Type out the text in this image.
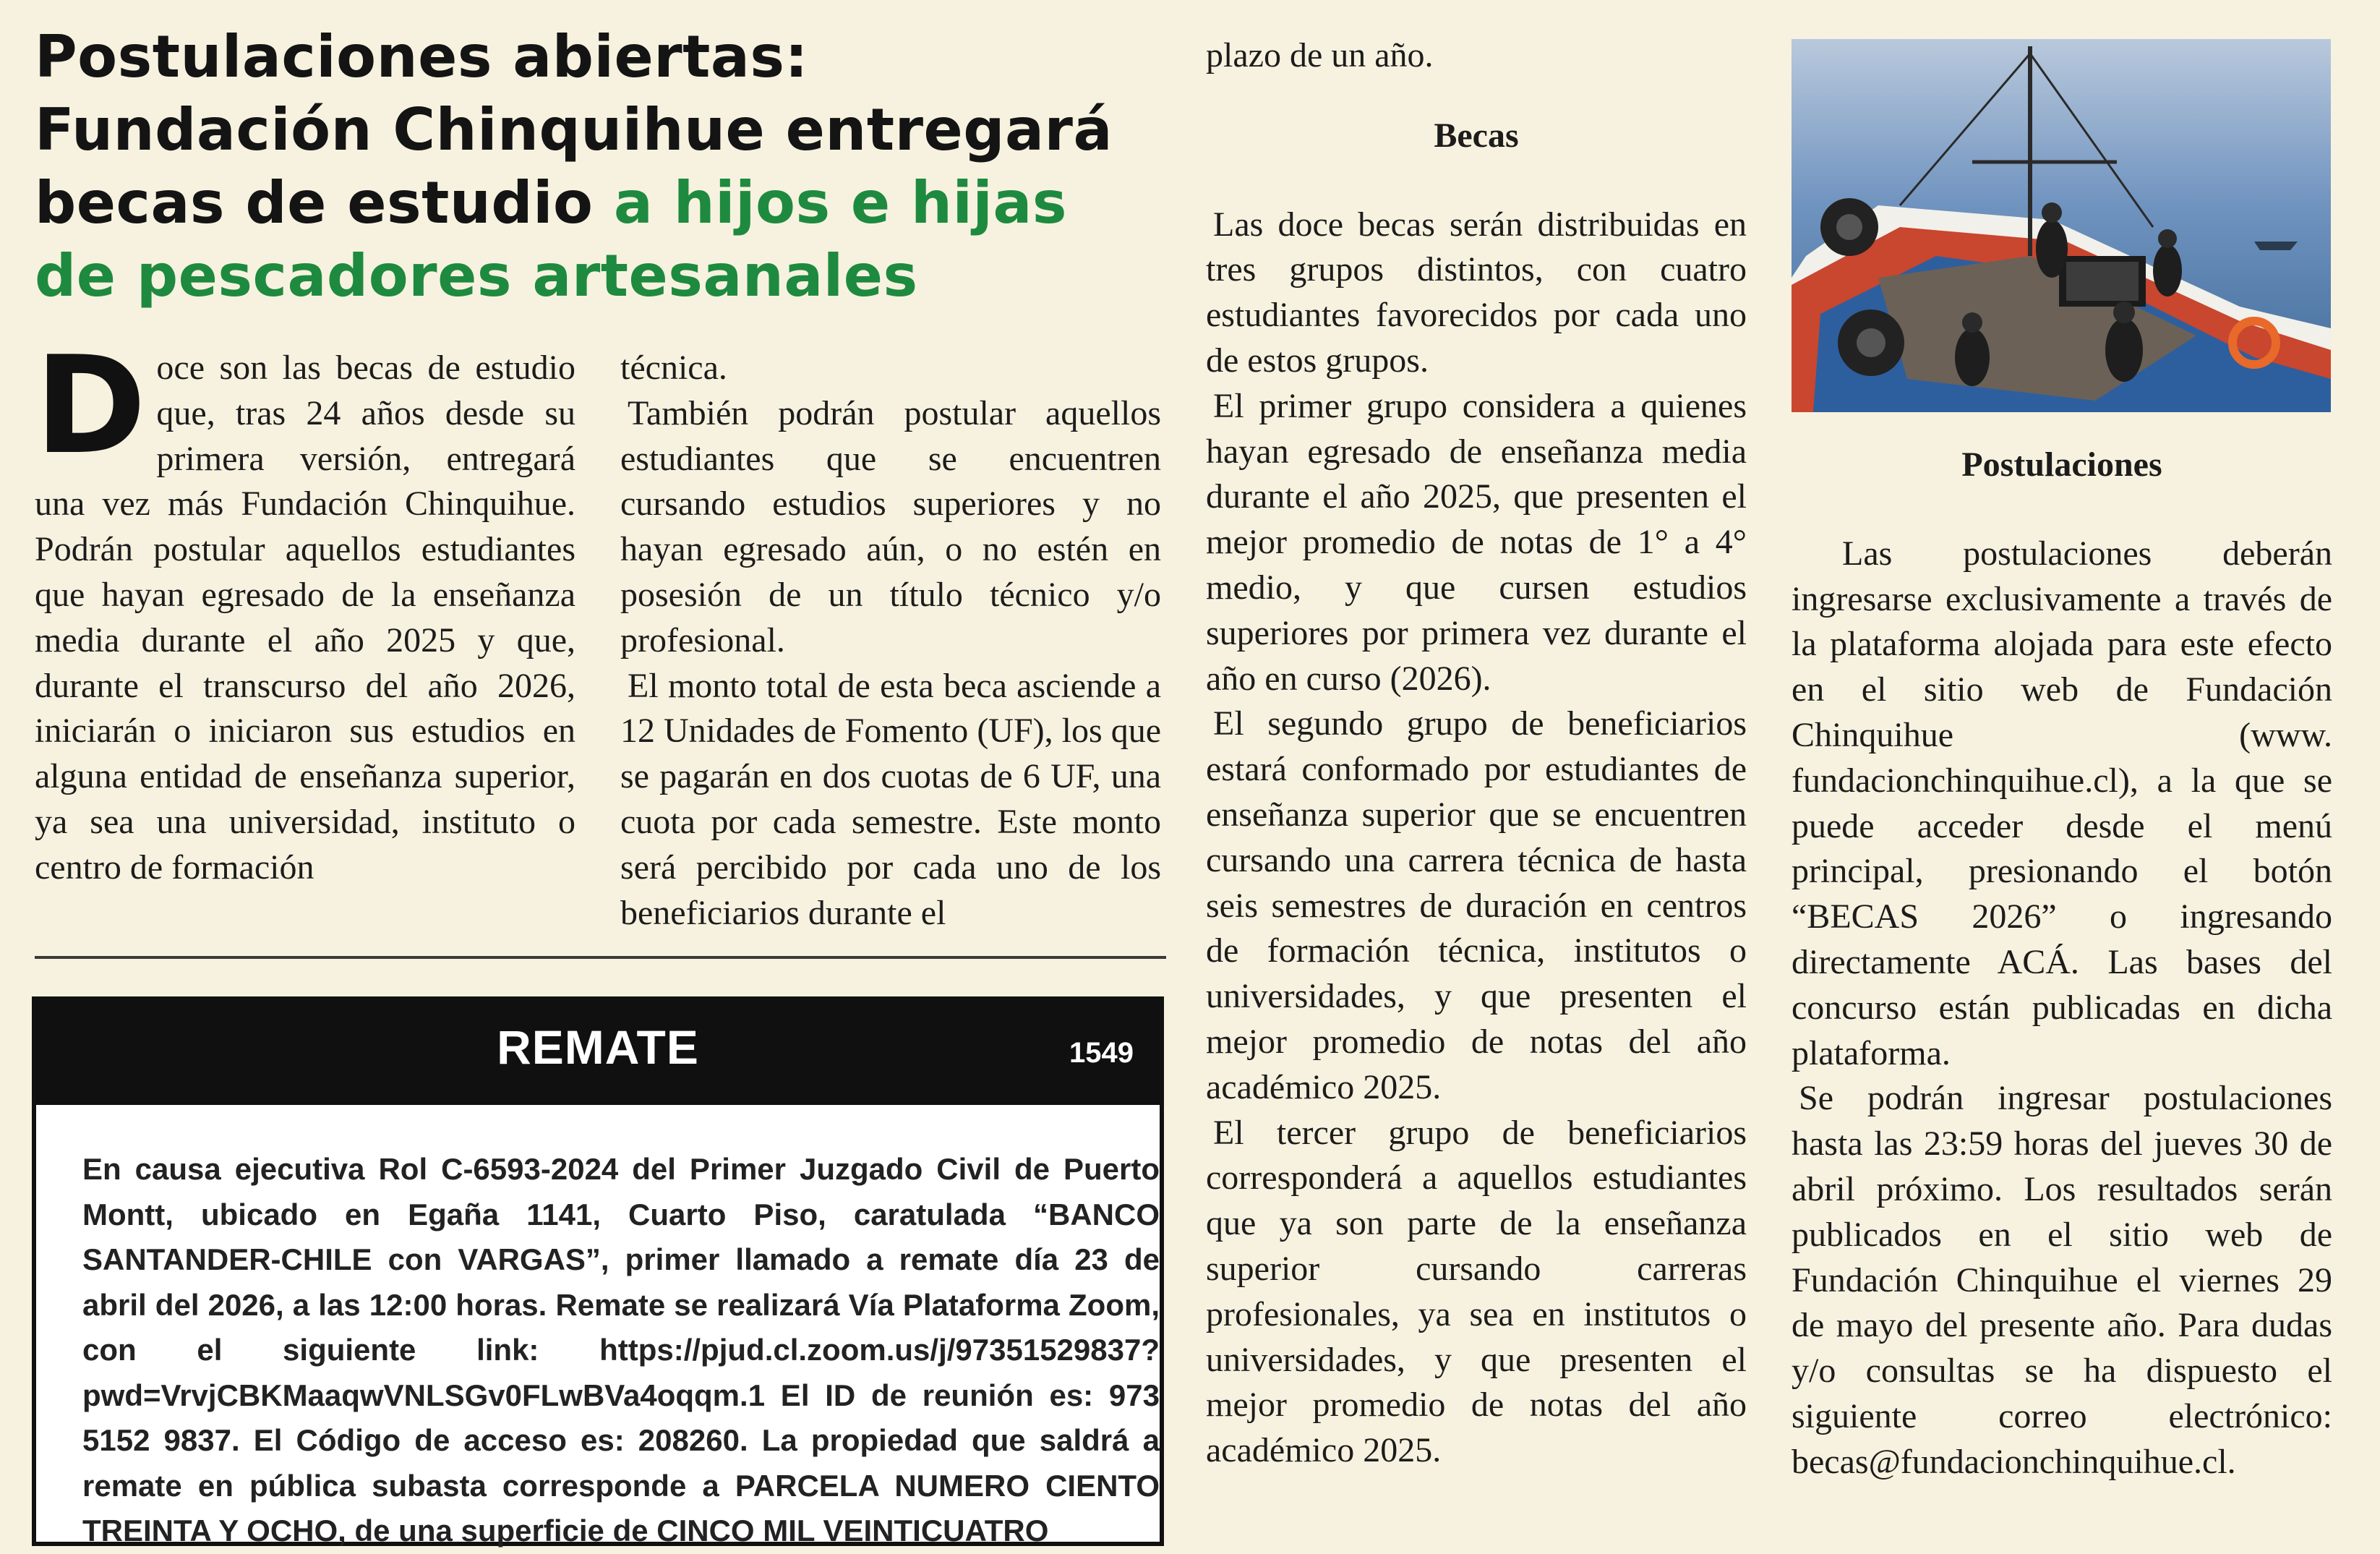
Postulaciones abiertas: Fundación Chinquihue entregará becas de estudio a hijos e hijas de pescadores artesanales
D oce son las becas de estudio que, tras 24 años desde su primera versión, entregará una vez más Fundación Chinquihue. Podrán postular aquellos estudiantes que hayan egresado de la enseñanza media durante el año 2025 y que, durante el transcurso del año 2026, iniciarán o iniciaron sus estudios en alguna entidad de enseñanza superior, ya sea una universidad, instituto o centro de formación

técnica.

También podrán postular aquellos estudiantes que se encuentren cursando estudios superiores y no hayan egresado aún, o no estén en posesión de un título técnico y/o profesional.

El monto total de esta beca asciende a 12 Unidades de Fomento (UF), los que se pagarán en dos cuotas de 6 UF, una cuota por cada semestre. Este monto será percibido por cada uno de los beneficiarios durante el

plazo de un año.

Becas

Las doce becas serán distribuidas en tres grupos distintos, con cuatro estudiantes favorecidos por cada uno de estos grupos.

El primer grupo considera a quienes hayan egresado de enseñanza media durante el año 2025, que presenten el mejor promedio de notas de 1° a 4° medio, y que cursen estudios superiores por primera vez durante el año en curso (2026).

El segundo grupo de beneficiarios estará conformado por estudiantes de enseñanza superior que se encuentren cursando una carrera técnica de hasta seis semestres de duración en centros de formación técnica, institutos o universidades, y que presenten el mejor promedio de notas del año académico 2025.

El tercer grupo de beneficiarios corresponderá a aquellos estudiantes que ya son parte de la enseñanza superior cursando carreras profesionales, ya sea en institutos o universidades, y que presenten el mejor promedio de notas del año académico 2025.

Postulaciones

Las postulaciones deberán ingresarse exclusivamente a través de la plataforma alojada para este efecto en el sitio web de Fundación Chinquihue (www. fundacionchinquihue.cl), a la que se puede acceder desde el menú principal, presionando el botón “BECAS 2026” o ingresando directamente ACÁ. Las bases del concurso están publicadas en dicha plataforma.

Se podrán ingresar postulaciones hasta las 23:59 horas del jueves 30 de abril próximo. Los resultados serán publicados en el sitio web de Fundación Chinquihue el viernes 29 de mayo del presente año. Para dudas y/o consultas se ha dispuesto el siguiente correo electrónico: becas@fundacionchinquihue.cl.

REMATE	1549
En causa ejecutiva Rol C-6593-2024 del Primer Juzgado Civil de Puerto Montt, ubicado en Egaña 1141, Cuarto Piso, caratulada “BANCO SANTANDER-CHILE con VARGAS”, primer llamado a remate día 23 de abril del 2026, a las 12:00 horas. Remate se realizará Vía Plataforma Zoom, con el siguiente link: https://pjud.cl.zoom.us/j/97351529837?pwd=VrvjCBKMaaqwVNLSGv0FLwBVa4oqqm.1 El ID de reunión es: 973 5152 9837. El Código de acceso es: 208260. La propiedad que saldrá a remate en pública subasta corresponde a PARCELA NUMERO CIENTO TREINTA Y OCHO, de una superficie de CINCO MIL VEINTICUATRO
